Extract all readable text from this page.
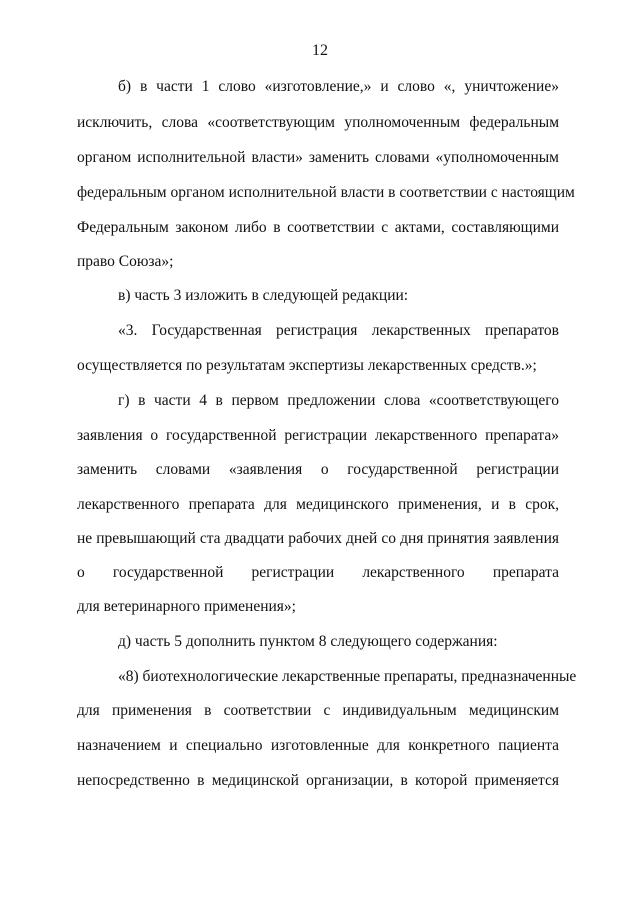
12
б) в части 1 слово «изготовление,» и слово «, уничтожение»
исключить, слова «соответствующим уполномоченным федеральным
органом исполнительной власти» заменить словами «уполномоченным
федеральным органом исполнительной власти в соответствии с настоящим
Федеральным законом либо в соответствии с актами, составляющими
право Союза»;
в) часть 3 изложить в следующей редакции:
«3. Государственная регистрация лекарственных препаратов
осуществляется по результатам экспертизы лекарственных средств.»;
г) в части 4 в первом предложении слова «соответствующего
заявления о государственной регистрации лекарственного препарата»
заменить словами «заявления о государственной регистрации
лекарственного препарата для медицинского применения, и в срок,
не превышающий ста двадцати рабочих дней со дня принятия заявления
о государственной регистрации лекарственного препарата
для ветеринарного применения»;
д) часть 5 дополнить пунктом 8 следующего содержания:
«8) биотехнологические лекарственные препараты, предназначенные
для применения в соответствии с индивидуальным медицинским
назначением и специально изготовленные для конкретного пациента
непосредственно в медицинской организации, в которой применяется
